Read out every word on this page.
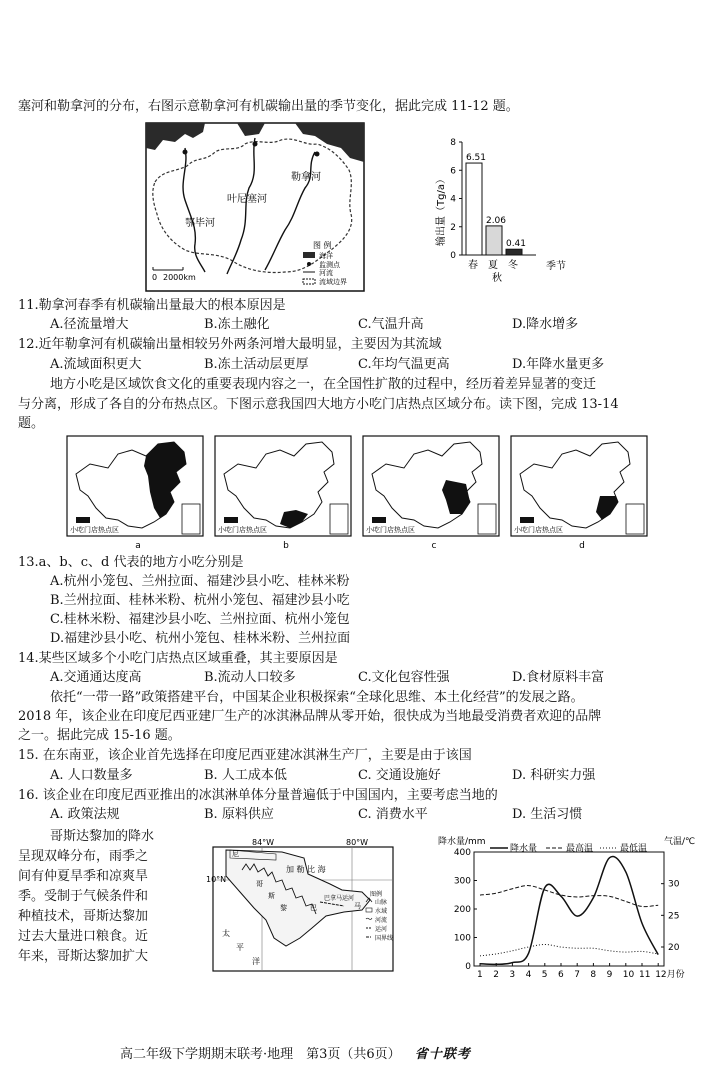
塞河和勒拿河的分布，右图示意勒拿河有机碳输出量的季节变化，据此完成 11-12 题。
勒拿河
叶尼塞河
鄂毕河
0 2000km
图 例
海洋
监测点
河流
流域边界
输出量（Tg/a）
0
2
4
6
8
6.51
2.06
0.41
春 夏 冬
秋
季节
11.勒拿河春季有机碳输出量最大的根本原因是
A.径流量增大	B.冻土融化	C.气温升高	D.降水增多
12.近年勒拿河有机碳输出量相较另外两条河增大最明显，主要因为其流域
A.流域面积更大	B.冻土活动层更厚	C.年均气温更高	D.年降水量更多
地方小吃是区域饮食文化的重要表现内容之一，在全国性扩散的过程中，经历着差异显著的变迁
与分离，形成了各自的分布热点区。下图示意我国四大地方小吃门店热点区域分布。读下图，完成 13-14
题。
小吃门店热点区
a
小吃门店热点区
b
小吃门店热点区
c
小吃门店热点区
d
13.a、b、c、d 代表的地方小吃分别是
A.杭州小笼包、兰州拉面、福建沙县小吃、桂林米粉
B.兰州拉面、桂林米粉、杭州小笼包、福建沙县小吃
C.桂林米粉、福建沙县小吃、兰州拉面、杭州小笼包
D.福建沙县小吃、杭州小笼包、桂林米粉、兰州拉面
14.某些区域多个小吃门店热点区域重叠，其主要原因是
A.交通通达度高	B.流动人口较多	C.文化包容性强	D.食材原料丰富
依托“一带一路”政策搭建平台，中国某企业积极探索“全球化思维、本土化经营”的发展之路。
2018 年，该企业在印度尼西亚建厂生产的冰淇淋品牌从零开始，很快成为当地最受消费者欢迎的品牌
之一。据此完成 15-16 题。
15. 在东南亚，该企业首先选择在印度尼西亚建冰淇淋生产厂，主要是由于该国
A. 人口数量多	B. 人工成本低	C. 交通设施好	D. 科研实力强
16. 该企业在印度尼西亚推出的冰淇淋单体分量普遍低于中国国内，主要考虑当地的
A. 政策法规	B. 原料供应	C. 消费水平	D. 生活习惯
哥斯达黎加的降水
呈现双峰分布，雨季之
间有仲夏旱季和凉爽旱
季。受制于气候条件和
种植技术，哥斯达黎加
过去大量进口粮食。近
年来，哥斯达黎加扩大
84°W	80°W
10°N
加 勒 比 海
太
平
洋
巴拿马运河
尼
哥
斯
黎	巴	马
图例
山脉
水域
河流
运河
国界线
降水量/mm	气温/℃
降水量	最高温	最低温
0
100
200
300
400
20
25
30
1 2 3 4 5 6 7 8 9 10 11 12月份
高二年级下学期期末联考·地理　第3页（共6页） 省十联考
